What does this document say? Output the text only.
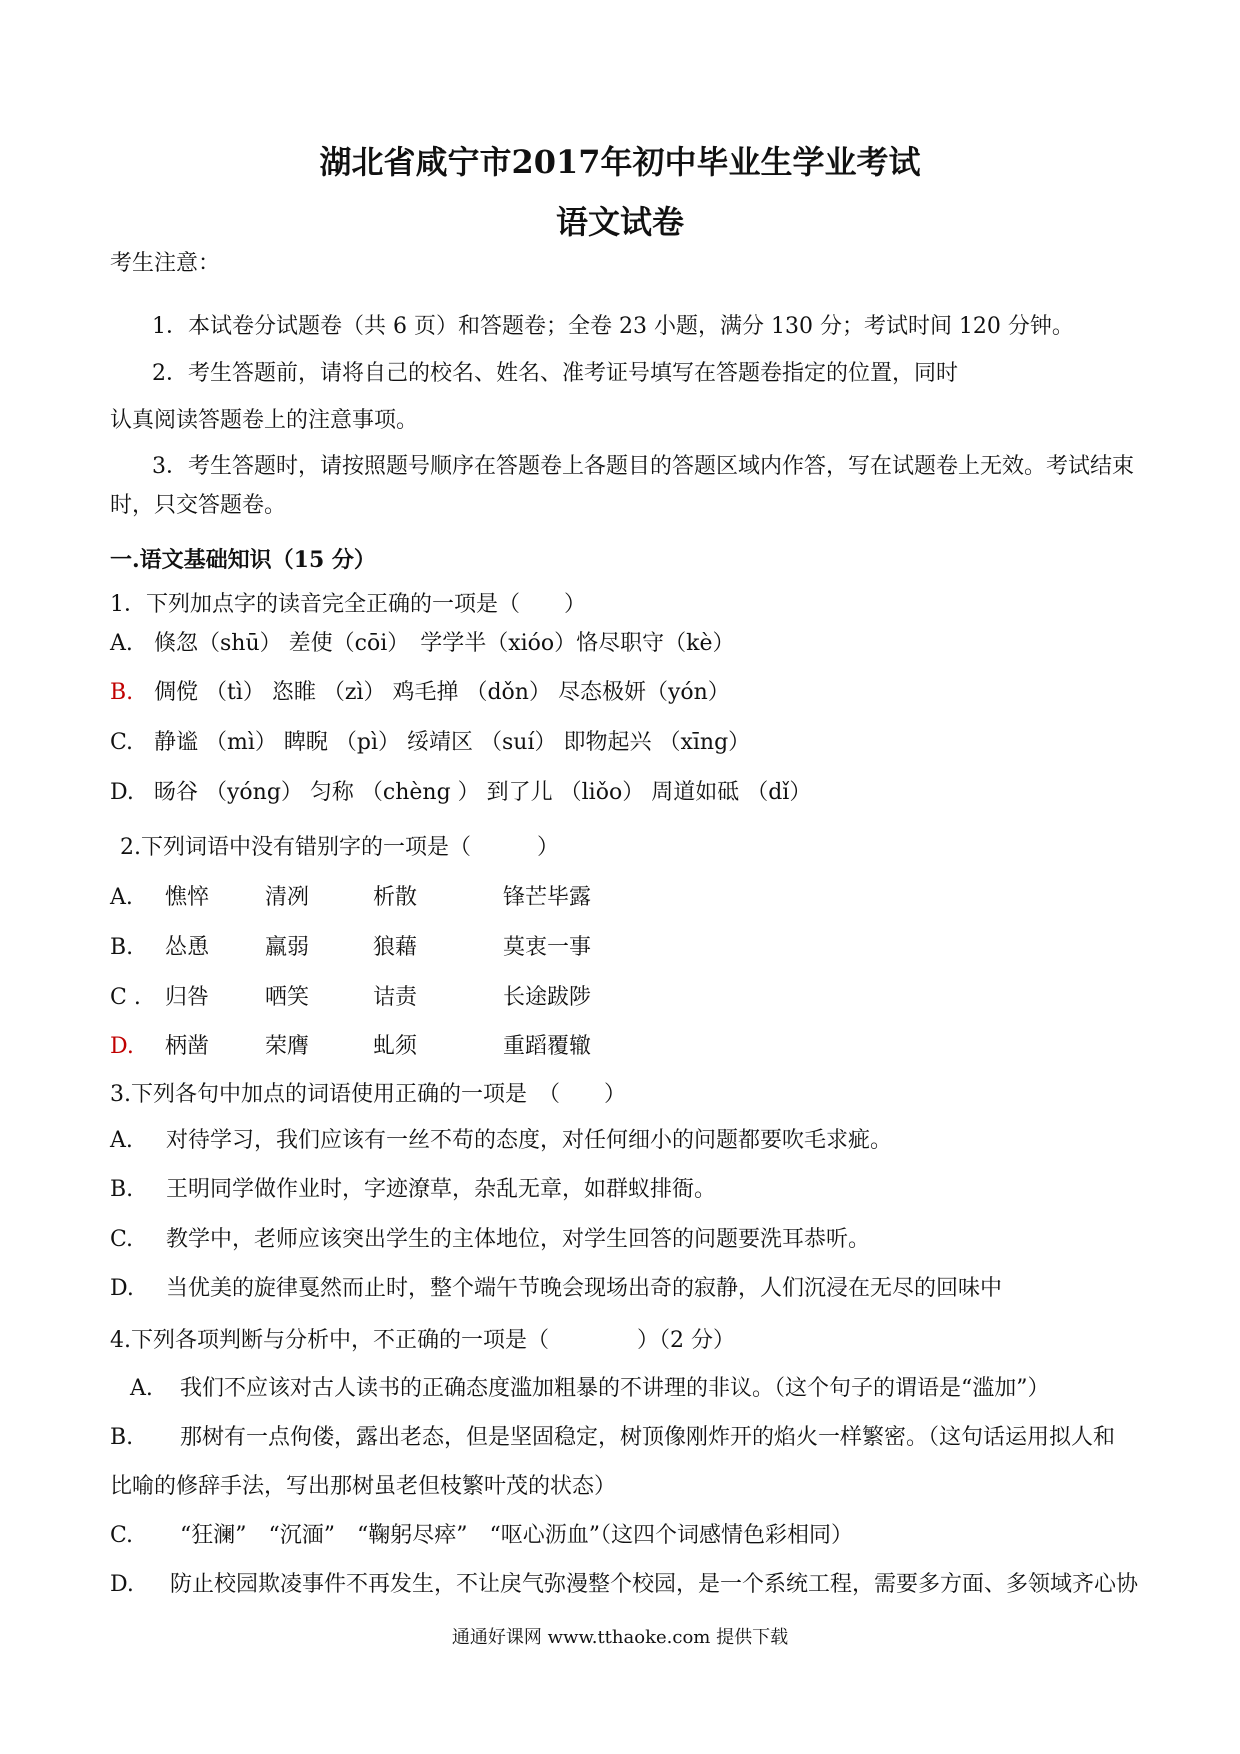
湖北省咸宁市2017年初中毕业生学业考试
语文试卷
考生注意：
1．本试卷分试题卷（共 6 页）和答题卷；全卷 23 小题，满分 130 分；考试时间 120 分钟。
2．考生答题前，请将自己的校名、姓名、准考证号填写在答题卷指定的位置，同时
认真阅读答题卷上的注意事项。
3．考生答题时，请按照题号顺序在答题卷上各题目的答题区域内作答，写在试题卷上无效。考试结束
时，只交答题卷。
一.语文基础知识（15 分）
1．下列加点字的读音完全正确的一项是（　　）
A. 倏忽（shū） 差使（cōi）　学学半（xióo）恪尽职守（kè）
B. 倜傥 （tì） 恣睢 （zì） 鸡毛掸 （dǒn） 尽态极妍（yón）
C. 静谧 （mì） 睥睨 （pì） 绥靖区 （suí） 即物起兴 （xīng）
D. 旸谷 （yóng） 匀称 （chèng ） 到了儿 （liǒo） 周道如砥 （dǐ）
2.下列词语中没有错别字的一项是（　　　）
A. 憔悴	清冽	析散	锋芒毕露
B. 怂恿	羸弱	狼藉	莫衷一事
C . 归咎	哂笑	诘责	长途跋陟
D. 柄凿	荣膺	虬须	重蹈覆辙
3.下列各句中加点的词语使用正确的一项是　（　　）
A. 对待学习，我们应该有一丝不苟的态度，对任何细小的问题都要吹毛求疵。
B. 王明同学做作业时，字迹潦草，杂乱无章，如群蚁排衙。
C. 教学中，老师应该突出学生的主体地位，对学生回答的问题要洗耳恭听。
D. 当优美的旋律戛然而止时，整个端午节晚会现场出奇的寂静，人们沉浸在无尽的回味中
4.下列各项判断与分析中，不正确的一项是（　　　　）（2 分）
A. 我们不应该对古人读书的正确态度滥加粗暴的不讲理的非议。（这个句子的谓语是“滥加”）
B. 那树有一点佝偻，露出老态，但是坚固稳定，树顶像刚炸开的焰火一样繁密。（这句话运用拟人和
比喻的修辞手法，写出那树虽老但枝繁叶茂的状态）
C. “狂澜”　“沉湎”　“鞠躬尽瘁”　“呕心沥血”（这四个词感情色彩相同）
D. 防止校园欺凌事件不再发生，不让戾气弥漫整个校园，是一个系统工程，需要多方面、多领域齐心协
通通好课网 www.tthaoke.com 提供下载
